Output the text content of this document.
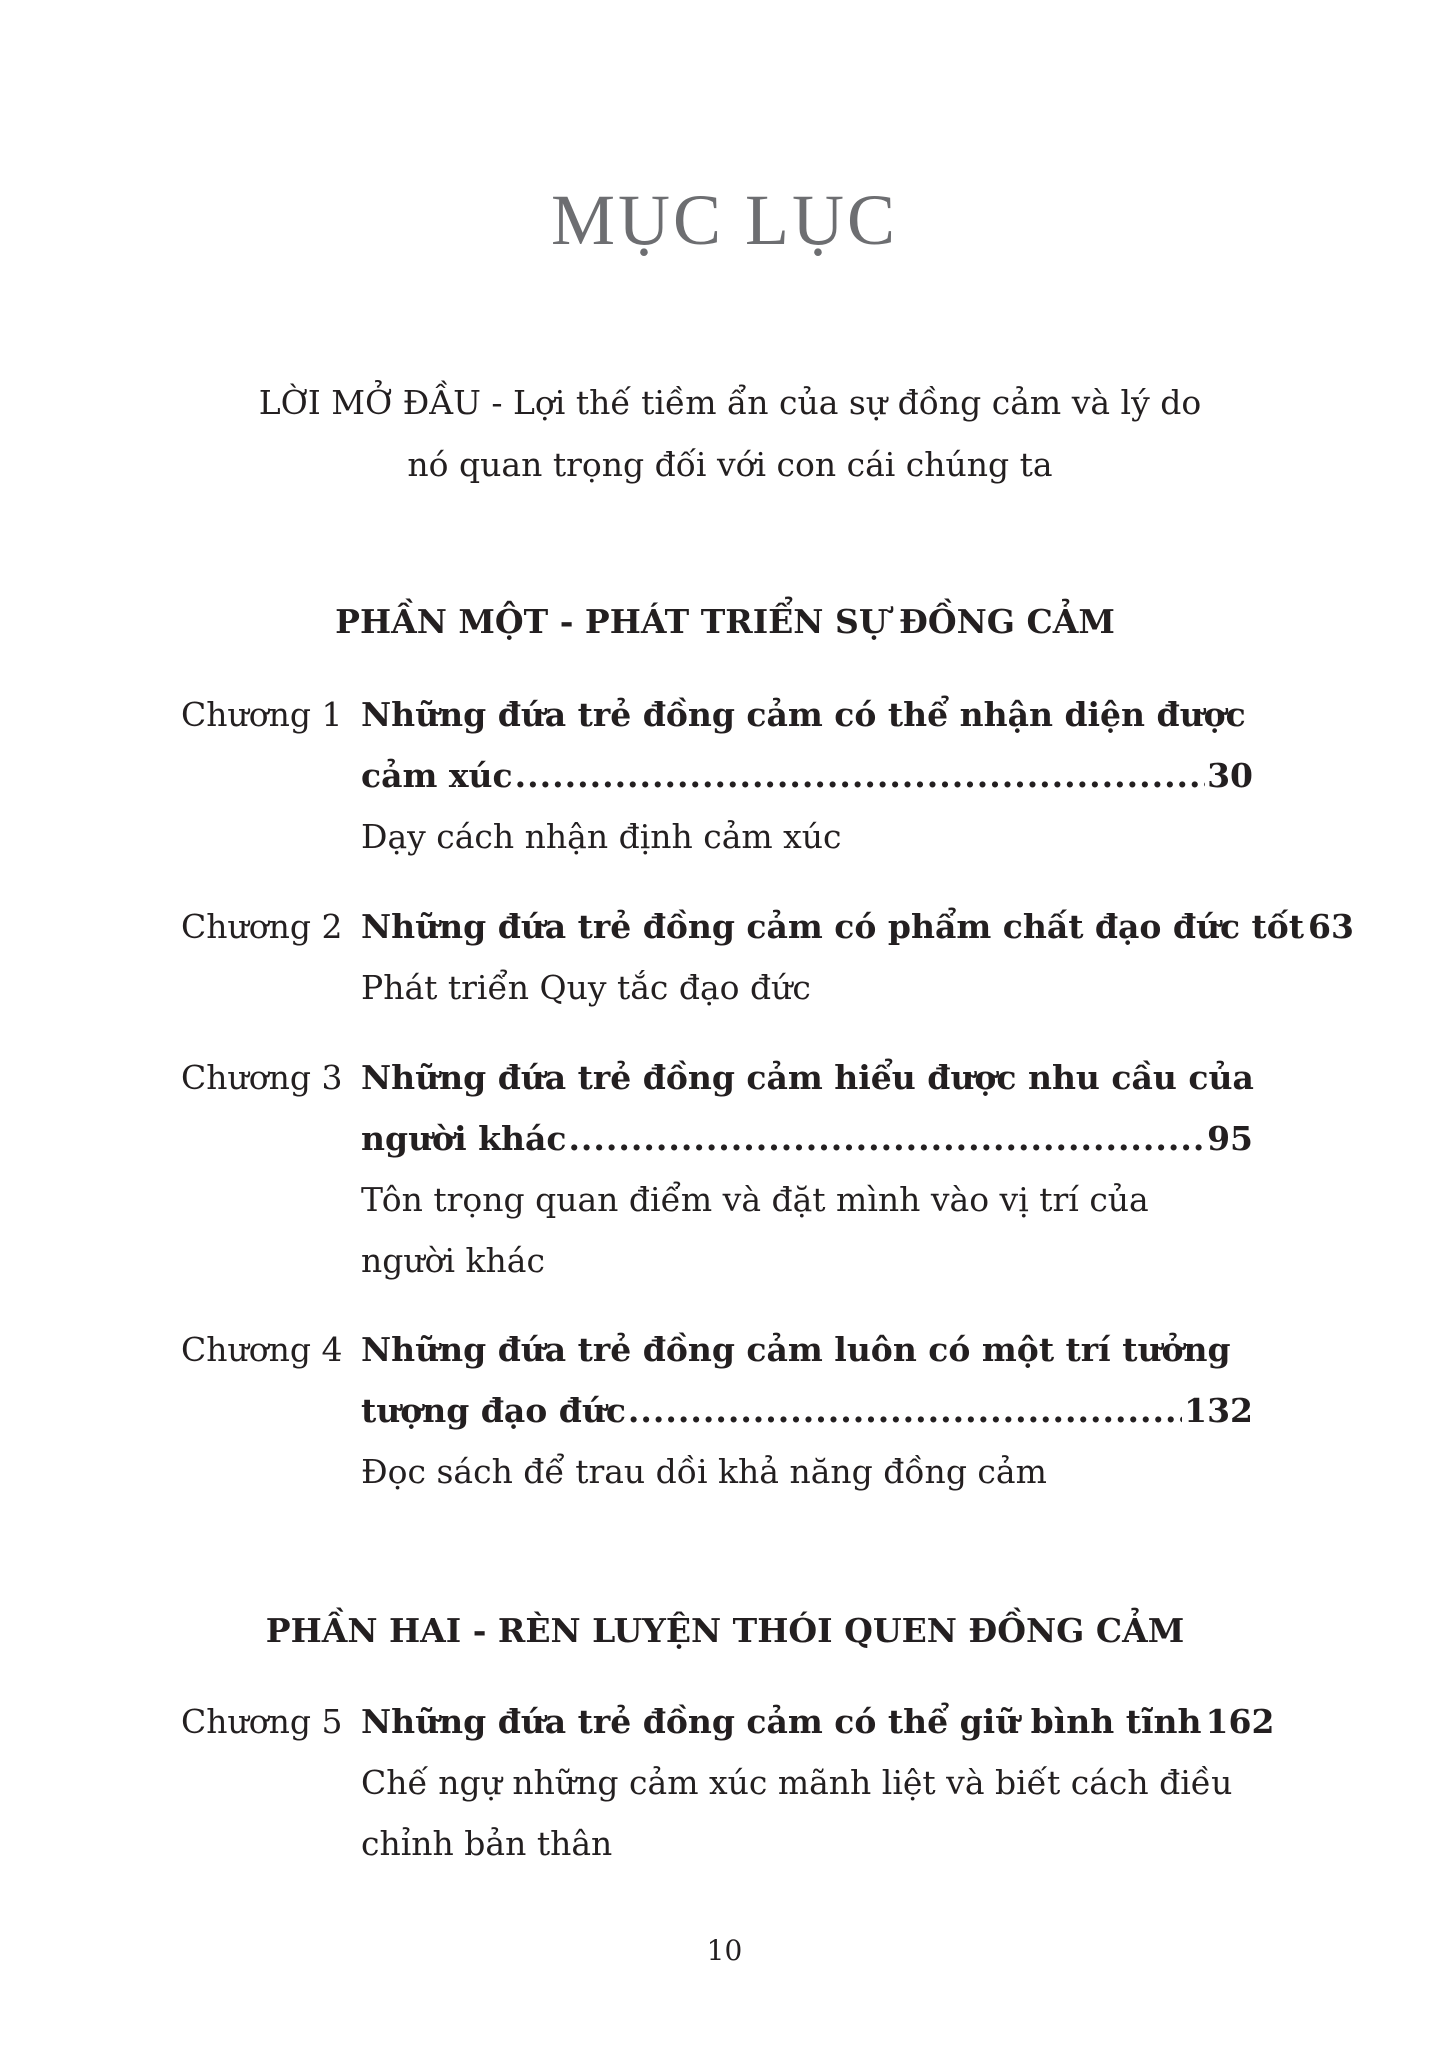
MỤC LỤC
LỜI MỞ ĐẦU - Lợi thế tiềm ẩn của sự đồng cảm và lý do
nó quan trọng đối với con cái chúng ta
PHẦN MỘT - PHÁT TRIỂN SỰ ĐỒNG CẢM
Chương 1 Những đứa trẻ đồng cảm có thể nhận diện được
cảm xúc .....	30
Dạy cách nhận định cảm xúc
Chương 2 Những đứa trẻ đồng cảm có phẩm chất đạo đức tốt 63
Phát triển Quy tắc đạo đức
Chương 3 Những đứa trẻ đồng cảm hiểu được nhu cầu của
người khác .....	95
Tôn trọng quan điểm và đặt mình vào vị trí của
người khác
Chương 4 Những đứa trẻ đồng cảm luôn có một trí tưởng
tượng đạo đức .....	132
Đọc sách để trau dồi khả năng đồng cảm
PHẦN HAI - RÈN LUYỆN THÓI QUEN ĐỒNG CẢM
Chương 5 Những đứa trẻ đồng cảm có thể giữ bình tĩnh 162
Chế ngự những cảm xúc mãnh liệt và biết cách điều
chỉnh bản thân
10
